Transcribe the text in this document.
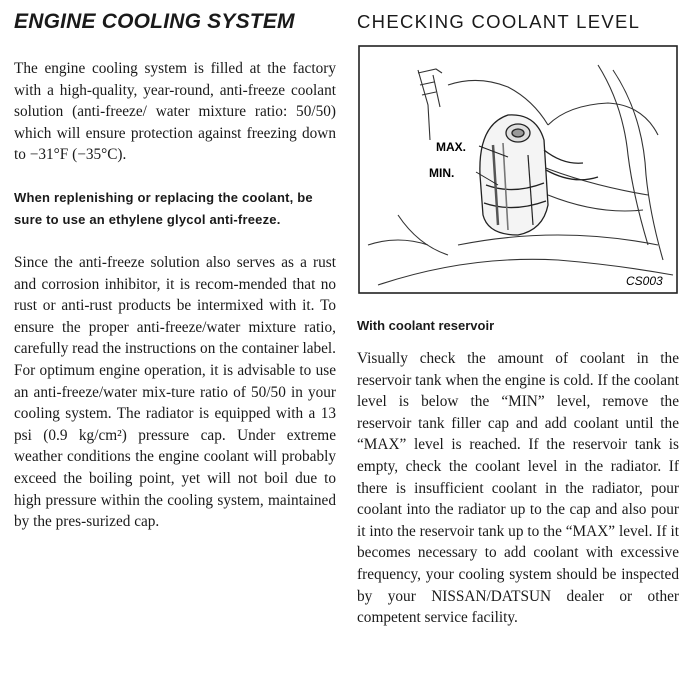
ENGINE COOLING SYSTEM

The engine cooling system is filled at the factory with a high-quality, year-round, anti-freeze coolant solution (anti-freeze/ water mixture ratio: 50/50) which will ensure protection against freezing down to −31°F (−35°C).

When replenishing or replacing the coolant, be sure to use an ethylene glycol anti-freeze.

Since the anti-freeze solution also serves as a rust and corrosion inhibitor, it is recom-mended that no rust or anti-rust products be intermixed with it. To ensure the proper anti-freeze/water mixture ratio, carefully read the instructions on the container label. For optimum engine operation, it is advisable to use an anti-freeze/water mix-ture ratio of 50/50 in your cooling system. The radiator is equipped with a 13 psi (0.9 kg/cm²) pressure cap. Under extreme weather conditions the engine coolant will probably exceed the boiling point, yet will not boil due to high pressure within the cooling system, maintained by the pres-surized cap.

CHECKING COOLANT LEVEL
MAX.
MIN.
CS003

With coolant reservoir

Visually check the amount of coolant in the reservoir tank when the engine is cold. If the coolant level is below the “MIN” level, remove the reservoir tank filler cap and add coolant until the “MAX” level is reached. If the reservoir tank is empty, check the coolant level in the radiator. If there is insufficient coolant in the radiator, pour coolant into the radiator up to the cap and also pour it into the reservoir tank up to the “MAX” level. If it becomes necessary to add coolant with excessive frequency, your cooling system should be inspected by your NISSAN/DATSUN dealer or other competent service facility.
